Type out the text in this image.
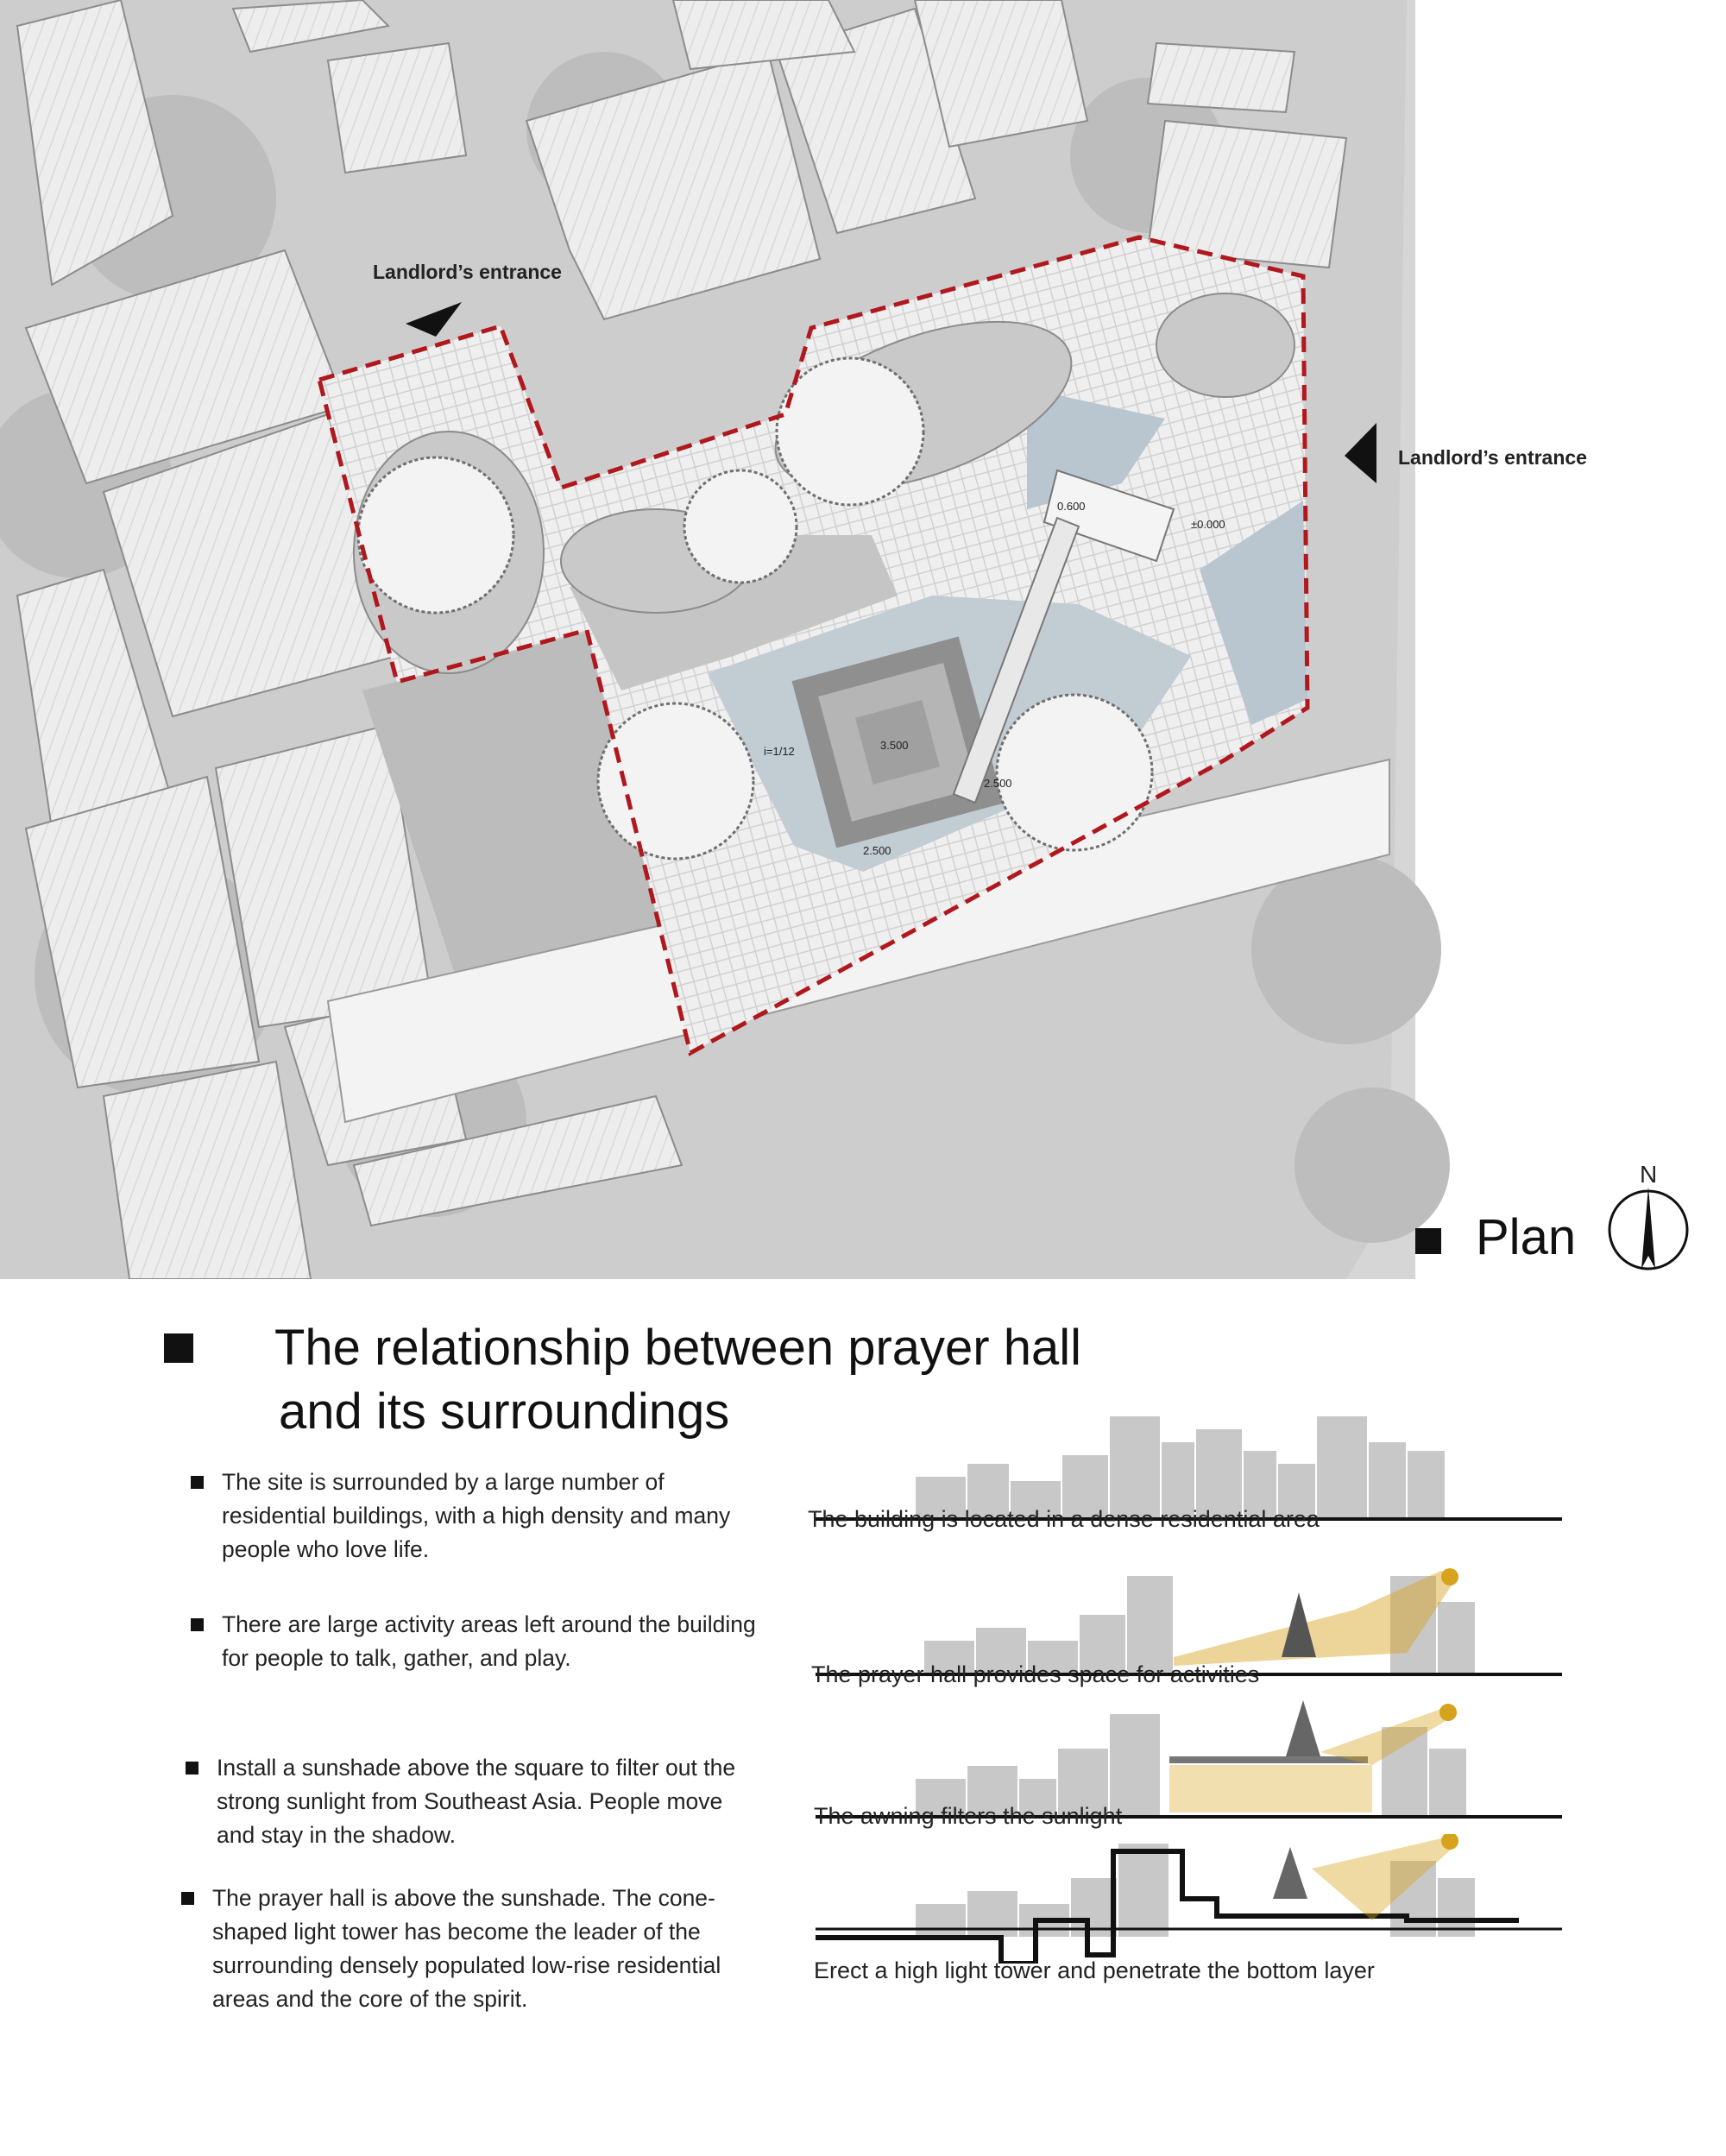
Landlord’s entrance
Landlord’s entrance
0.600
±0.000
3.500
2.500
2.500
i=1/12
N
Plan
The relationship between prayer hall
and its surroundings
The site is surrounded by a large number of residential buildings, with a high density and many people who love life.
There are large activity areas left around the building for people to talk, gather, and play.
Install a sunshade above the square to filter out the strong sunlight from Southeast Asia. People move and stay in the shadow.
The prayer hall is above the sunshade. The cone-shaped light tower has become the leader of the surrounding densely populated low-rise residential areas and the core of the spirit.
The building is located in a dense residential area
The prayer hall provides space for activities
The awning filters the sunlight
Erect a high light tower and penetrate the bottom layer
